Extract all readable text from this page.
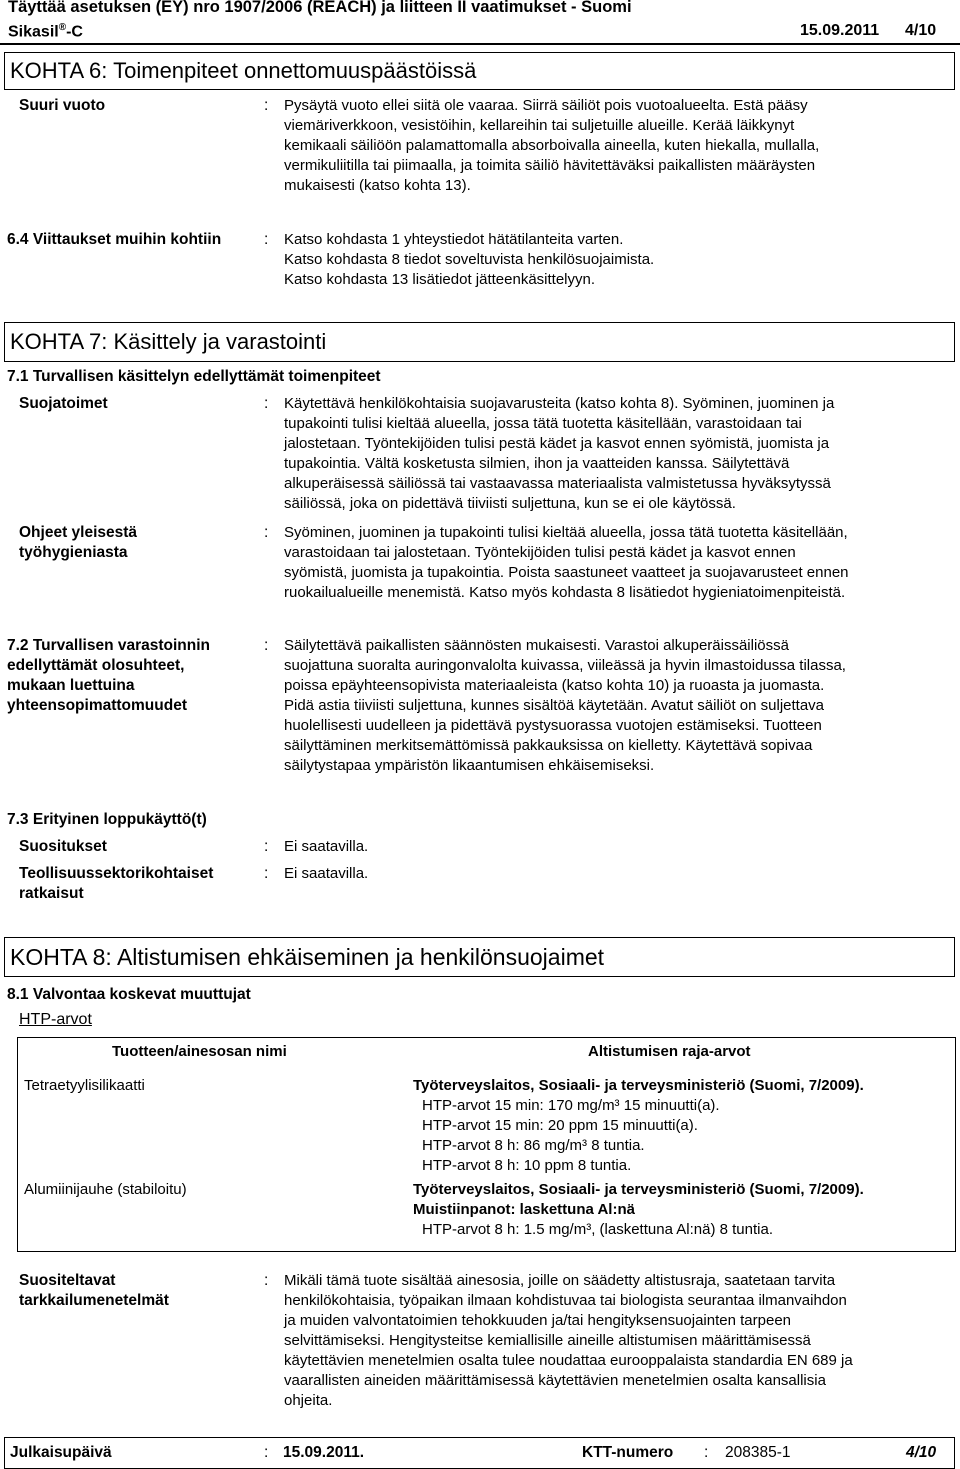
Täyttää asetuksen (EY) nro 1907/2006 (REACH) ja liitteen II vaatimukset - Suomi
Sikasil®-C	15.09.2011 4/10
KOHTA 6: Toimenpiteet onnettomuuspäästöissä
Suuri vuoto	: Pysäytä vuoto ellei siitä ole vaaraa. Siirrä säiliöt pois vuotoalueelta. Estä pääsy
viemäriverkkoon, vesistöihin, kellareihin tai suljetuille alueille. Kerää läikkynyt
kemikaali säiliöön palamattomalla absorboivalla aineella, kuten hiekalla, mullalla,
vermikuliitilla tai piimaalla, ja toimita säiliö hävitettäväksi paikallisten määräysten
mukaisesti (katso kohta 13).
6.4 Viittaukset muihin kohtiin	: Katso kohdasta 1 yhteystiedot hätätilanteita varten.
Katso kohdasta 8 tiedot soveltuvista henkilösuojaimista.
Katso kohdasta 13 lisätiedot jätteenkäsittelyyn.
KOHTA 7: Käsittely ja varastointi
7.1 Turvallisen käsittelyn edellyttämät toimenpiteet
Suojatoimet	: Käytettävä henkilökohtaisia suojavarusteita (katso kohta 8). Syöminen, juominen ja
tupakointi tulisi kieltää alueella, jossa tätä tuotetta käsitellään, varastoidaan tai
jalostetaan. Työntekijöiden tulisi pestä kädet ja kasvot ennen syömistä, juomista ja
tupakointia. Vältä kosketusta silmien, ihon ja vaatteiden kanssa. Säilytettävä
alkuperäisessä säiliössä tai vastaavassa materiaalista valmistetussa hyväksytyssä
säiliössä, joka on pidettävä tiiviisti suljettuna, kun se ei ole käytössä.
Ohjeet yleisestä
työhygieniasta
: Syöminen, juominen ja tupakointi tulisi kieltää alueella, jossa tätä tuotetta käsitellään,
varastoidaan tai jalostetaan. Työntekijöiden tulisi pestä kädet ja kasvot ennen
syömistä, juomista ja tupakointia. Poista saastuneet vaatteet ja suojavarusteet ennen
ruokailualueille menemistä. Katso myös kohdasta 8 lisätiedot hygieniatoimenpiteistä.
7.2 Turvallisen varastoinnin
edellyttämät olosuhteet,
mukaan luettuina
yhteensopimattomuudet
: Säilytettävä paikallisten säännösten mukaisesti. Varastoi alkuperäissäiliössä
suojattuna suoralta auringonvalolta kuivassa, viileässä ja hyvin ilmastoidussa tilassa,
poissa epäyhteensopivista materiaaleista (katso kohta 10) ja ruoasta ja juomasta.
Pidä astia tiiviisti suljettuna, kunnes sisältöä käytetään. Avatut säiliöt on suljettava
huolellisesti uudelleen ja pidettävä pystysuorassa vuotojen estämiseksi. Tuotteen
säilyttäminen merkitsemättömissä pakkauksissa on kielletty. Käytettävä sopivaa
säilytystapaa ympäristön likaantumisen ehkäisemiseksi.
7.3 Erityinen loppukäyttö(t)
Suositukset	: Ei saatavilla.
Teollisuussektorikohtaiset
ratkaisut
: Ei saatavilla.
KOHTA 8: Altistumisen ehkäiseminen ja henkilönsuojaimet
8.1 Valvontaa koskevat muuttujat
HTP-arvot
Tuotteen/ainesosan nimi	Altistumisen raja-arvot
Tetraetyylisilikaatti	Työterveyslaitos, Sosiaali- ja terveysministeriö (Suomi, 7/2009).
HTP-arvot 15 min: 170 mg/m³ 15 minuutti(a).
HTP-arvot 15 min: 20 ppm 15 minuutti(a).
HTP-arvot 8 h: 86 mg/m³ 8 tuntia.
HTP-arvot 8 h: 10 ppm 8 tuntia.
Alumiinijauhe (stabiloitu)	Työterveyslaitos, Sosiaali- ja terveysministeriö (Suomi, 7/2009).
Muistiinpanot: laskettuna Al:nä
HTP-arvot 8 h: 1.5 mg/m³, (laskettuna Al:nä) 8 tuntia.
Suositeltavat
tarkkailumenetelmät
: Mikäli tämä tuote sisältää ainesosia, joille on säädetty altistusraja, saatetaan tarvita
henkilökohtaisia, työpaikan ilmaan kohdistuvaa tai biologista seurantaa ilmanvaihdon
ja muiden valvontatoimien tehokkuuden ja/tai hengityksensuojainten tarpeen
selvittämiseksi. Hengitysteitse kemiallisille aineille altistumisen määrittämisessä
käytettävien menetelmien osalta tulee noudattaa eurooppalaista standardia EN 689 ja
vaarallisten aineiden määrittämisessä käytettävien menetelmien osalta kansallisia
ohjeita.
Julkaisupäivä	: 15.09.2011.	KTT-numero : 208385-1	4/10
